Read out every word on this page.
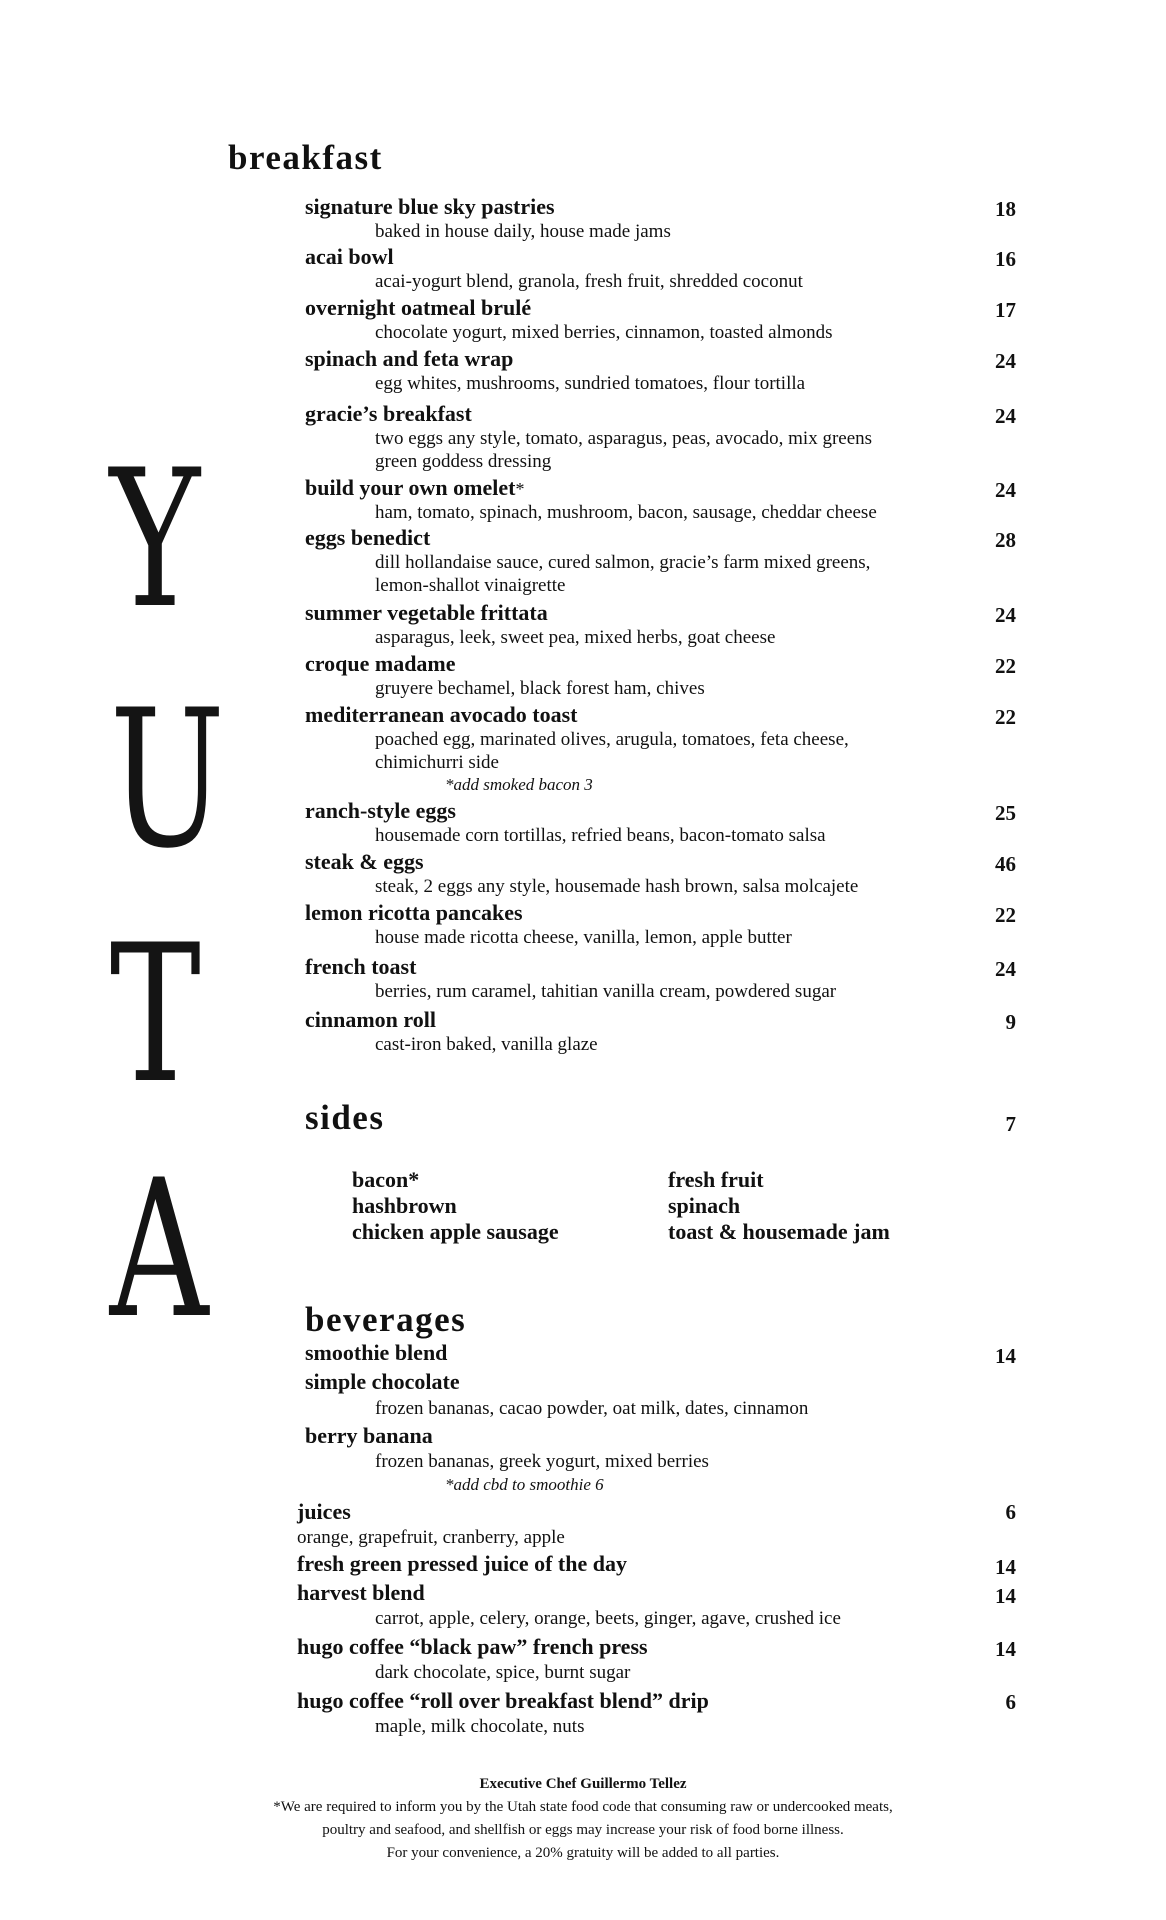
Y
U
T
A
breakfast
signature blue sky pastries	18
baked in house daily, house made jams
acai bowl	16
acai-yogurt blend, granola, fresh fruit, shredded coconut
overnight oatmeal brulé	17
chocolate yogurt, mixed berries, cinnamon, toasted almonds
spinach and feta wrap	24
egg whites, mushrooms, sundried tomatoes, flour tortilla
gracie’s breakfast	24
two eggs any style, tomato, asparagus, peas, avocado, mix greens
green goddess dressing
build your own omelet*	24
ham, tomato, spinach, mushroom, bacon, sausage, cheddar cheese
eggs benedict	28
dill hollandaise sauce, cured salmon, gracie’s farm mixed greens,
lemon-shallot vinaigrette
summer vegetable frittata	24
asparagus, leek, sweet pea, mixed herbs, goat cheese
croque madame	22
gruyere bechamel, black forest ham, chives
mediterranean avocado toast	22
poached egg, marinated olives, arugula, tomatoes, feta cheese,
chimichurri side
*add smoked bacon 3
ranch-style eggs	25
housemade corn tortillas, refried beans, bacon-tomato salsa
steak & eggs	46
steak, 2 eggs any style, housemade hash brown, salsa molcajete
lemon ricotta pancakes	22
house made ricotta cheese, vanilla, lemon, apple butter
french toast	24
berries, rum caramel, tahitian vanilla cream, powdered sugar
cinnamon roll	9
cast-iron baked, vanilla glaze
sides	7
bacon*
hashbrown
chicken apple sausage
fresh fruit
spinach
toast & housemade jam
beverages
smoothie blend	14
simple chocolate
frozen bananas, cacao powder, oat milk, dates, cinnamon
berry banana
frozen bananas, greek yogurt, mixed berries
*add cbd to smoothie 6
juices	6
orange, grapefruit, cranberry, apple
fresh green pressed juice of the day	14
harvest blend	14
carrot, apple, celery, orange, beets, ginger, agave, crushed ice
hugo coffee “black paw” french press	14
dark chocolate, spice, burnt sugar
hugo coffee “roll over breakfast blend” drip	6
maple, milk chocolate, nuts
Executive Chef Guillermo Tellez
*We are required to inform you by the Utah state food code that consuming raw or undercooked meats,
poultry and seafood, and shellfish or eggs may increase your risk of food borne illness.
For your convenience, a 20% gratuity will be added to all parties.
